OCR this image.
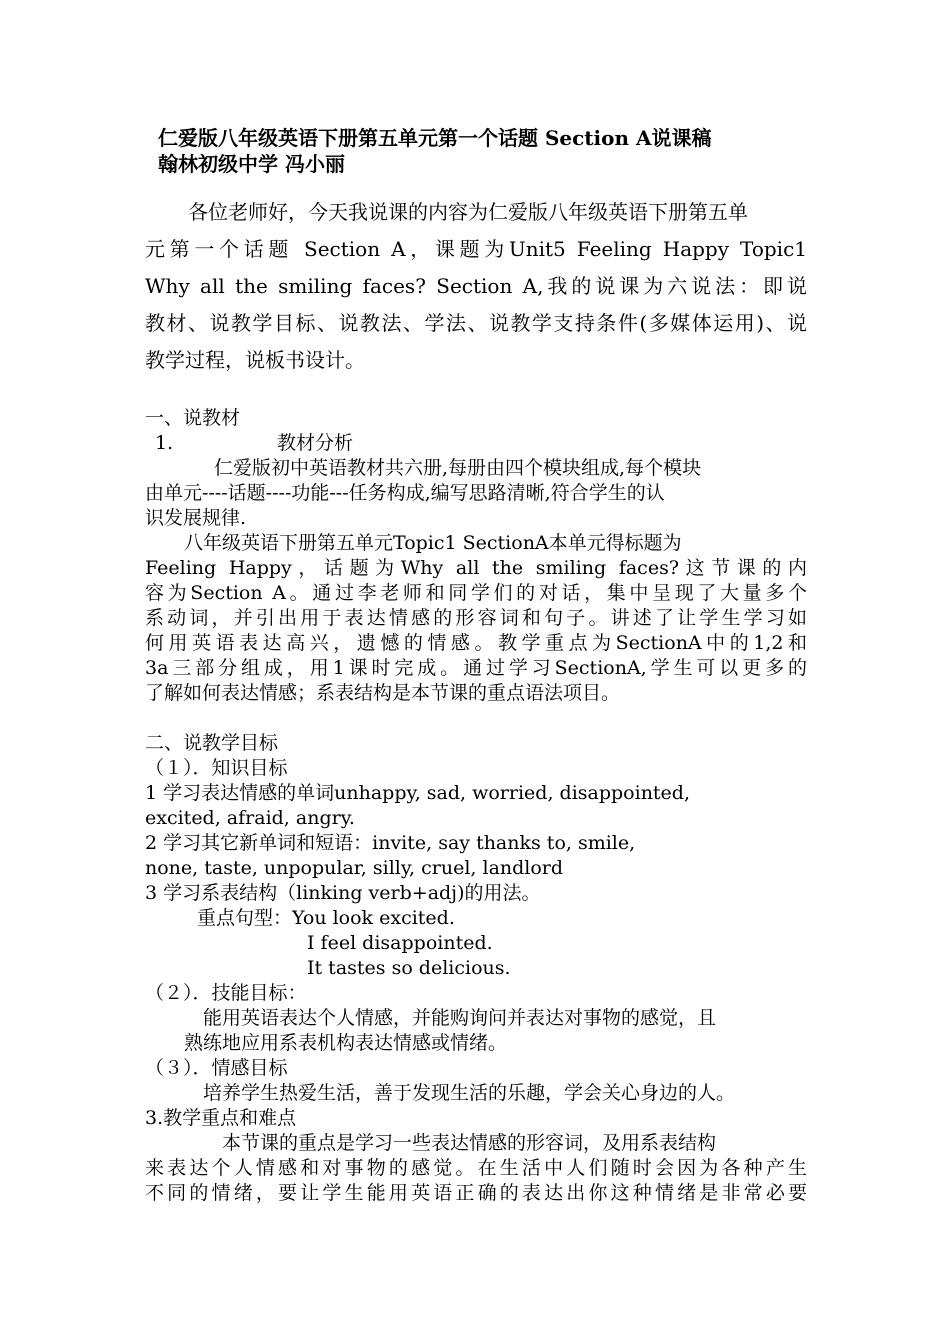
仁爱版八年级英语下册第五单元第一个话题 Section A说课稿
翰林初级中学 冯小丽
各位老师好，今天我说课的内容为仁爱版八年级英语下册第五单
元第一个话题 Section A，课题为Unit5 Feeling Happy Topic1
Why all the smiling faces? Section A,我的说课为六说法：即说
教材、说教学目标、说教法、学法、说教学支持条件(多媒体运用)、说
教学过程，说板书设计。
一、说教材
1.	教材分析
仁爱版初中英语教材共六册,每册由四个模块组成,每个模块
由单元----话题----功能---任务构成,编写思路清晰,符合学生的认
识发展规律.
八年级英语下册第五单元Topic1 SectionA本单元得标题为
Feeling Happy，话题为Why all the smiling faces?这节课的内
容为Section A。通过李老师和同学们的对话，集中呈现了大量多个
系动词，并引出用于表达情感的形容词和句子。讲述了让学生学习如
何用英语表达高兴，遗憾的情感。教学重点为SectionA中的1,2和
3a三部分组成，用1课时完成。通过学习SectionA,学生可以更多的
了解如何表达情感；系表结构是本节课的重点语法项目。
二、说教学目标
（１）．知识目标
1 学习表达情感的单词unhappy, sad, worried, disappointed,
excited, afraid, angry.
2 学习其它新单词和短语：invite, say thanks to, smile,
none, taste, unpopular, silly, cruel, landlord
3 学习系表结构（linking verb+adj)的用法。
重点句型：You look excited.
I feel disappointed.
It tastes so delicious.
（２）．技能目标：
能用英语表达个人情感，并能购询问并表达对事物的感觉，且
熟练地应用系表机构表达情感或情绪。
（３）．情感目标
培养学生热爱生活，善于发现生活的乐趣，学会关心身边的人。
3.教学重点和难点
本节课的重点是学习一些表达情感的形容词，及用系表结构
来表达个人情感和对事物的感觉。在生活中人们随时会因为各种产生
不同的情绪，要让学生能用英语正确的表达出你这种情绪是非常必要
